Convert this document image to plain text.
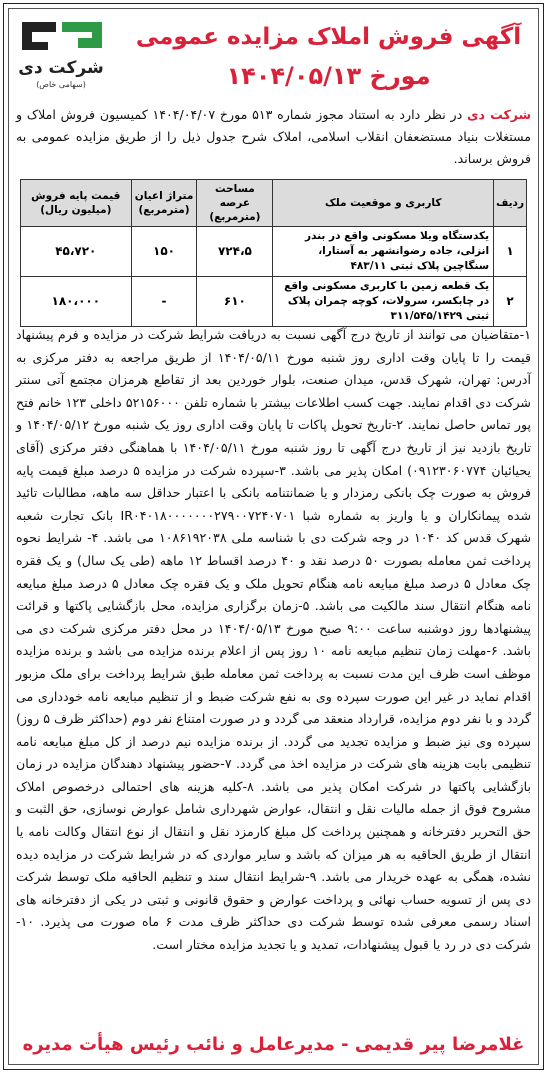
شرکت دی
(سهامی خاص)
آگهی فروش املاک مزایده عمومی
مورخ ۱۴۰۴/۰۵/۱۳
شرکت دی در نظر دارد به استناد مجوز شماره ۵۱۳ مورخ ۱۴۰۴/۰۴/۰۷ کمیسیون فروش املاک و مستغلات بنیاد مستضعفان انقلاب اسلامی، املاک شرح جدول ذیل را از طریق مزایده عمومی به فروش برساند.
ردیف	کاربری و موقعیت ملک	مساحت عرصه (مترمربع)	متراژ اعیان (مترمربع)	قیمت پایه فروش (میلیون ریال)
۱	یکدستگاه ویلا مسکونی واقع در بندر انزلی، جاده رضوانشهر به آستارا، سنگاچین پلاک ثبتی ۴۸۳/۱۱	۷۲۴،۵	۱۵۰	۴۵،۷۲۰
۲	یک قطعه زمین با کاربری مسکونی واقع در چابکسر، سرولات، کوچه چمران پلاک ثبتی ۳۱۱/۵۴۵/۱۴۲۹	۶۱۰	-	۱۸۰،۰۰۰
۱-متقاضیان می توانند از تاریخ درج آگهی نسبت به دریافت شرایط شرکت در مزایده و فرم پیشنهاد قیمت را تا پایان وقت اداری روز شنبه مورخ ۱۴۰۴/۰۵/۱۱ از طریق مراجعه به دفتر مرکزی به آدرس: تهران، شهرک قدس، میدان صنعت، بلوار خوردین بعد از تقاطع هرمزان مجتمع آتی سنتر شرکت دی اقدام نمایند. جهت کسب اطلاعات بیشتر با شماره تلفن ۵۲۱۵۶۰۰۰ داخلی ۱۲۳ خانم فتح پور تماس حاصل نمایند. ۲-تاریخ تحویل پاکات تا پایان وقت اداری روز یک شنبه مورخ ۱۴۰۴/۰۵/۱۲ و تاریخ بازدید نیز از تاریخ درج آگهی تا روز شنبه مورخ ۱۴۰۴/۰۵/۱۱ با هماهنگی دفتر مرکزی (آقای یحیائیان ۰۹۱۲۳۰۶۰۷۷۴) امکان پذیر می باشد. ۳-سپرده شرکت در مزایده ۵ درصد مبلغ قیمت پایه فروش به صورت چک بانکی رمزدار و یا ضمانتنامه بانکی با اعتبار حداقل سه ماهه، مطالبات تائید شده پیمانکاران و یا واریز به شماره شبا IR۰۴۰۱۸۰۰۰۰۰۰۰۲۷۹۰۰۷۲۴۰۷۰۱ بانک تجارت شعبه شهرک قدس کد ۱۰۴۰ در وجه شرکت دی با شناسه ملی ۱۰۸۶۱۹۲۰۳۸ می باشد. ۴- شرایط نحوه پرداخت ثمن معامله بصورت ۵۰ درصد نقد و ۴۰ درصد اقساط ۱۲ ماهه (طی یک سال) و یک فقره چک معادل ۵ درصد مبلغ مبایعه نامه هنگام تحویل ملک و یک فقره چک معادل ۵ درصد مبلغ مبایعه نامه هنگام انتقال سند مالکیت می باشد. ۵-زمان برگزاری مزایده، محل بازگشایی پاکتها و قرائت پیشنهادها روز دوشنبه ساعت ۹:۰۰ صبح مورخ ۱۴۰۴/۰۵/۱۳ در محل دفتر مرکزی شرکت دی می باشد. ۶-مهلت زمان تنظیم مبایعه نامه ۱۰ روز پس از اعلام برنده مزایده می باشد و برنده مزایده موظف است ظرف این مدت نسبت به پرداخت ثمن معامله طبق شرایط پرداخت برای ملک مزبور اقدام نماید در غیر این صورت سپرده وی به نفع شرکت ضبط و از تنظیم مبایعه نامه خودداری می گردد و با نفر دوم مزایده، قرارداد منعقد می گردد و در صورت امتناع نفر دوم (حداکثر ظرف ۵ روز) سپرده وی نیز ضبط و مزایده تجدید می گردد. از برنده مزایده نیم درصد از کل مبلغ مبایعه نامه تنظیمی بابت هزینه های شرکت در مزایده اخذ می گردد. ۷-حضور پیشنهاد دهندگان مزایده در زمان بازگشایی پاکتها در شرکت امکان پذیر می باشد. ۸-کلیه هزینه های احتمالی درخصوص املاک مشروح فوق از جمله مالیات نقل و انتقال، عوارض شهرداری شامل عوارض نوسازی، حق الثبت و حق التحریر دفترخانه و همچنین پرداخت کل مبلغ کارمزد نقل و انتقال از نوع انتقال وکالت نامه یا انتقال از طریق الحاقیه به هر میزان که باشد و سایر مواردی که در شرایط شرکت در مزایده دیده نشده، همگی به عهده خریدار می باشد. ۹-شرایط انتقال سند و تنظیم الحاقیه ملک توسط شرکت دی پس از تسویه حساب نهائی و پرداخت عوارض و حقوق قانونی و ثبتی در یکی از دفترخانه های اسناد رسمی معرفی شده توسط شرکت دی حداکثر ظرف مدت ۶ ماه صورت می پذیرد. ۱۰-شرکت دی در رد یا قبول پیشنهادات، تمدید و یا تجدید مزایده مختار است.
غلامرضا پیر قدیمی - مدیرعامل و نائب رئیس هیأت مدیره
